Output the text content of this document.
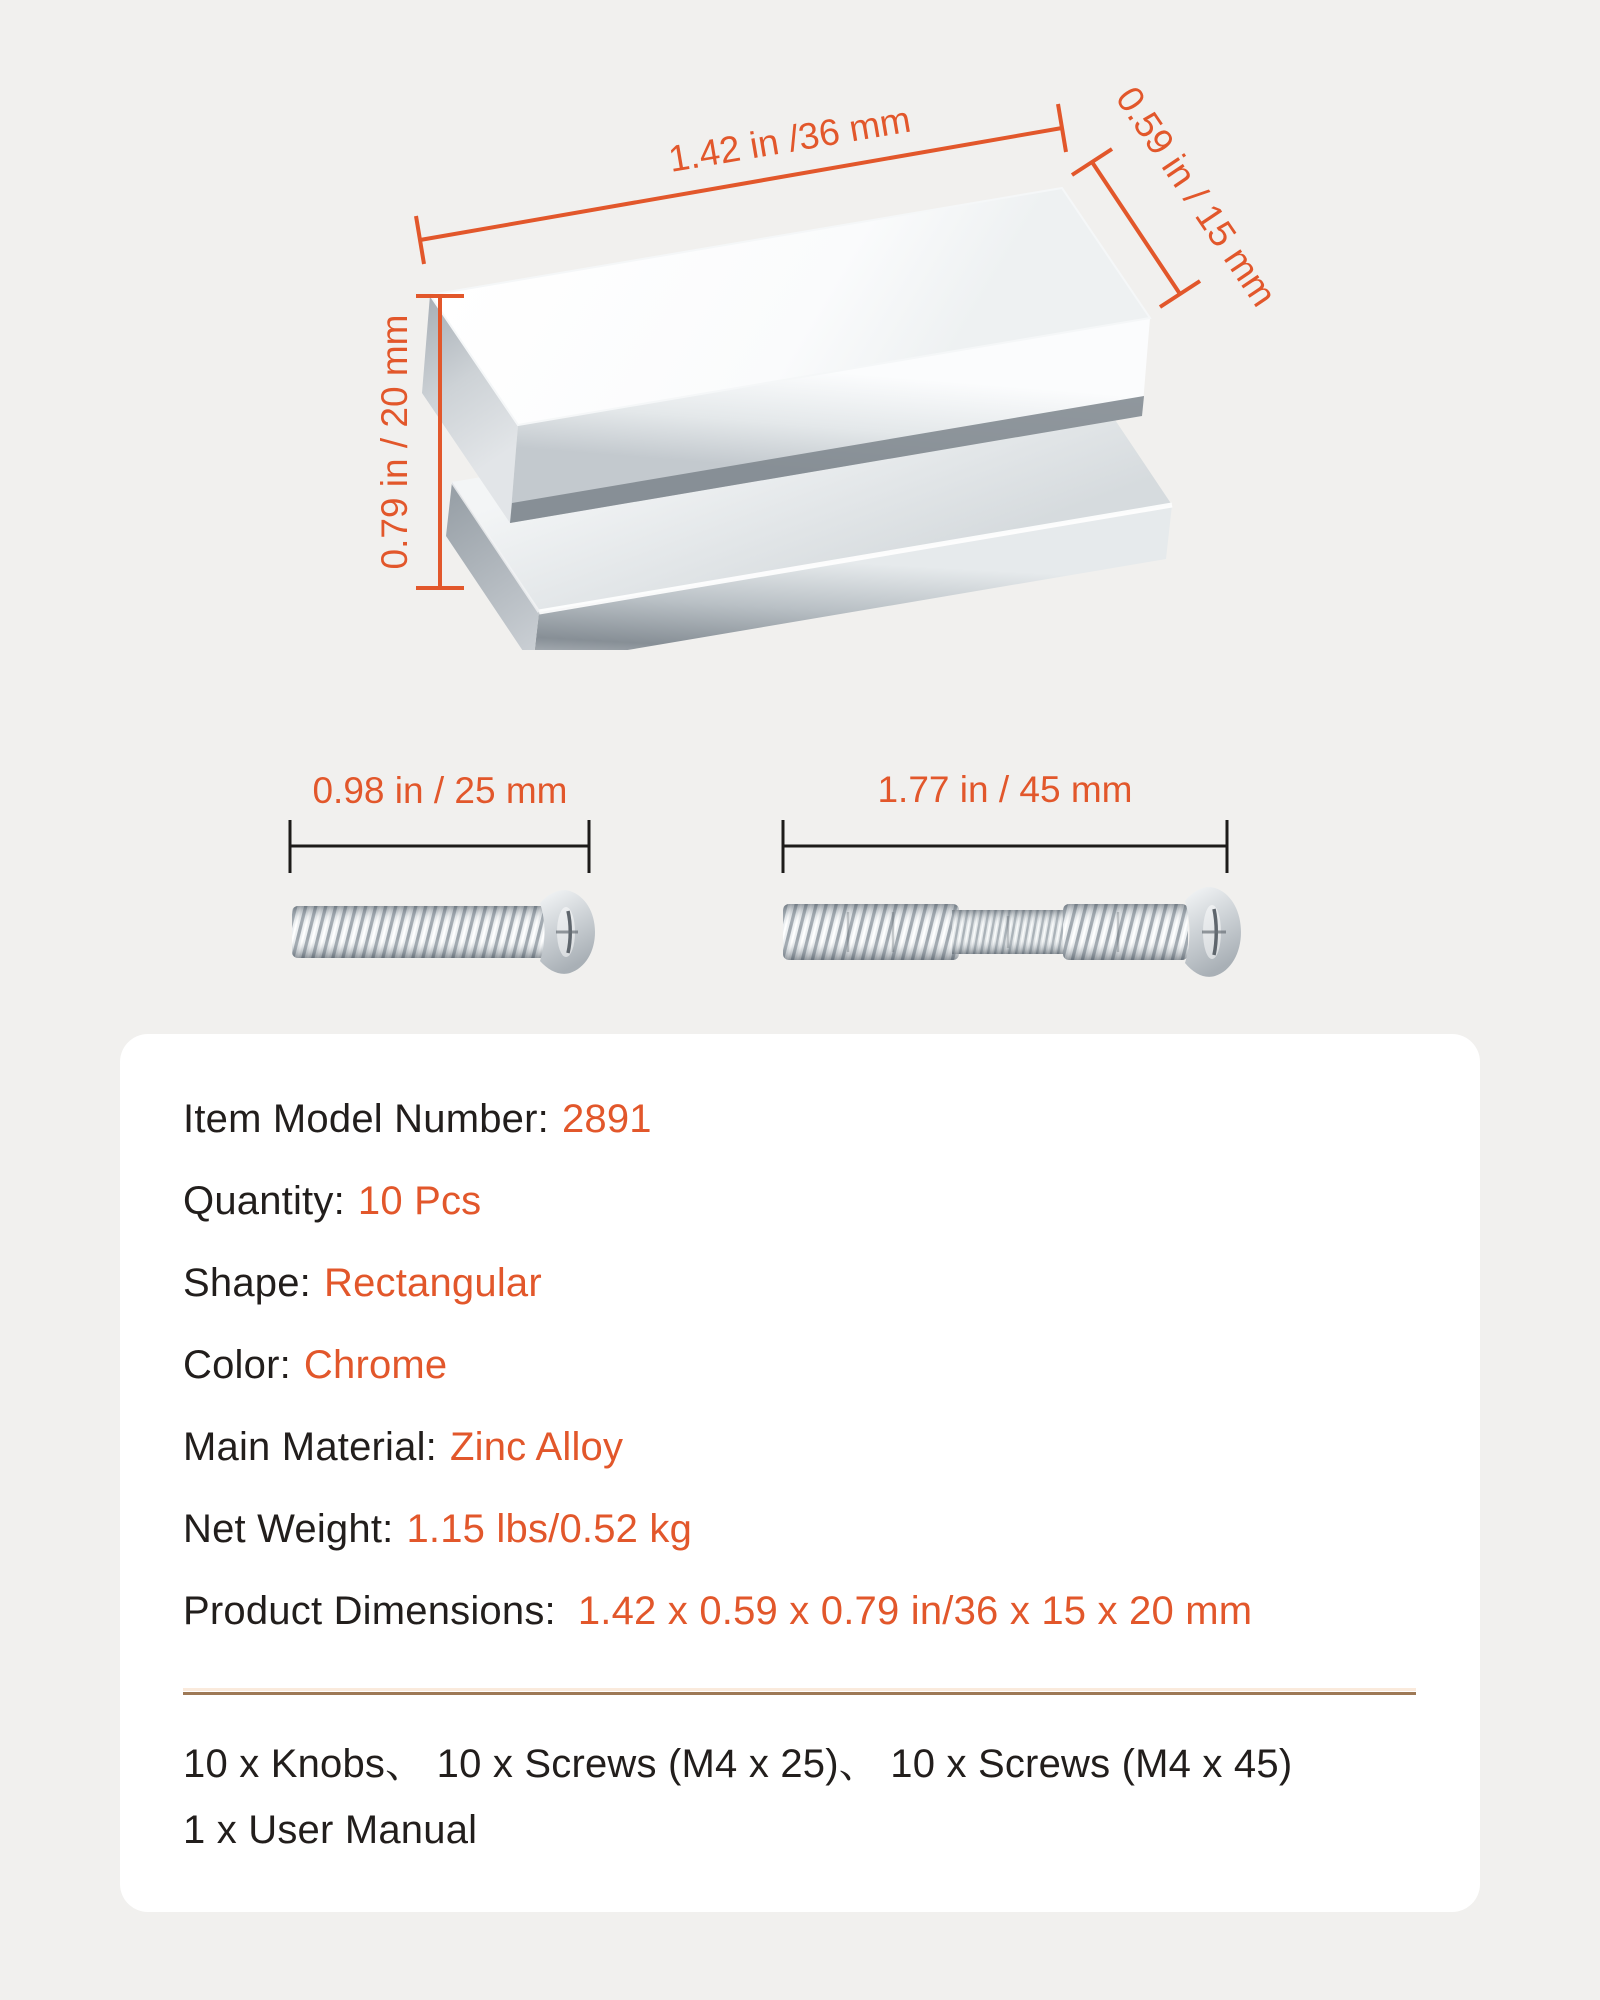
1.42 in /36 mm	0.59 in / 15 mm
0.79 in / 20 mm
0.98 in / 25 mm	1.77 in / 45 mm
Item Model Number: 2891
Quantity: 10 Pcs
Shape: Rectangular
Color: Chrome
Main Material: Zinc Alloy
Net Weight: 1.15 lbs/0.52 kg
Product Dimensions: 1.42 x 0.59 x 0.79 in/36 x 15 x 20 mm
10 x Knobs、 10 x Screws (M4 x 25)、 10 x Screws (M4 x 45)
1 x User Manual
